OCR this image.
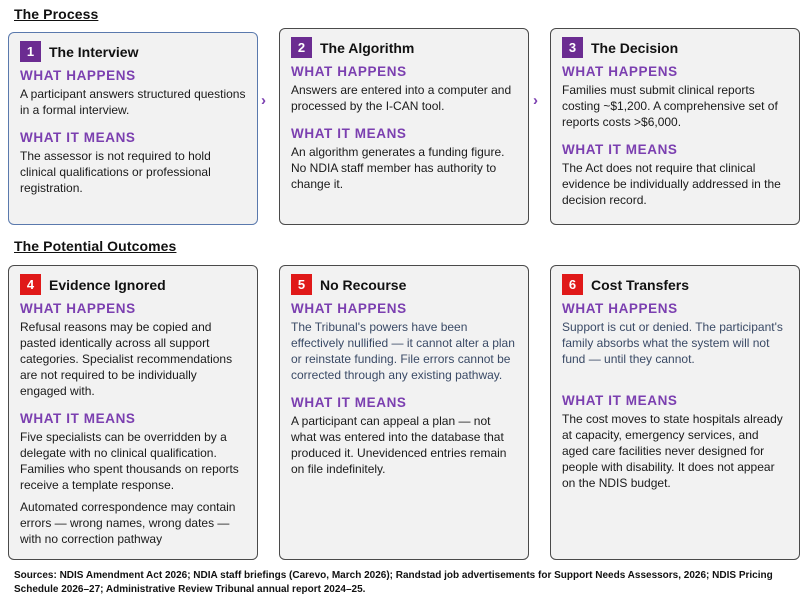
The Process
1	The Interview
WHAT HAPPENS

A participant answers structured questions in a formal interview.

WHAT IT MEANS

The assessor is not required to hold clinical qualifications or professional registration.

›
2	The Algorithm
WHAT HAPPENS

Answers are entered into a computer and processed by the I-CAN tool.

WHAT IT MEANS

An algorithm generates a funding figure. No NDIA staff member has authority to change it.

›
3	The Decision
WHAT HAPPENS

Families must submit clinical reports costing ~$1,200. A comprehensive set of reports costs >$6,000.

WHAT IT MEANS

The Act does not require that clinical evidence be individually addressed in the decision record.

The Potential Outcomes
4	Evidence Ignored
WHAT HAPPENS

Refusal reasons may be copied and pasted identically across all support categories. Specialist recommendations are not required to be individually engaged with.

WHAT IT MEANS

Five specialists can be overridden by a delegate with no clinical qualification. Families who spent thousands on reports receive a template response.

Automated correspondence may contain errors — wrong names, wrong dates — with no correction pathway

5	No Recourse
WHAT HAPPENS

The Tribunal's powers have been effectively nullified — it cannot alter a plan or reinstate funding. File errors cannot be corrected through any existing pathway.

WHAT IT MEANS

A participant can appeal a plan — not what was entered into the database that produced it. Unevidenced entries remain on file indefinitely.

6	Cost Transfers
WHAT HAPPENS

Support is cut or denied. The participant's family absorbs what the system will not fund — until they cannot.

WHAT IT MEANS

The cost moves to state hospitals already at capacity, emergency services, and aged care facilities never designed for people with disability. It does not appear on the NDIS budget.

Sources: NDIS Amendment Act 2026; NDIA staff briefings (Carevo, March 2026); Randstad job advertisements for Support Needs Assessors, 2026; NDIS Pricing Schedule 2026–27; Administrative Review Tribunal annual report 2024–25.
